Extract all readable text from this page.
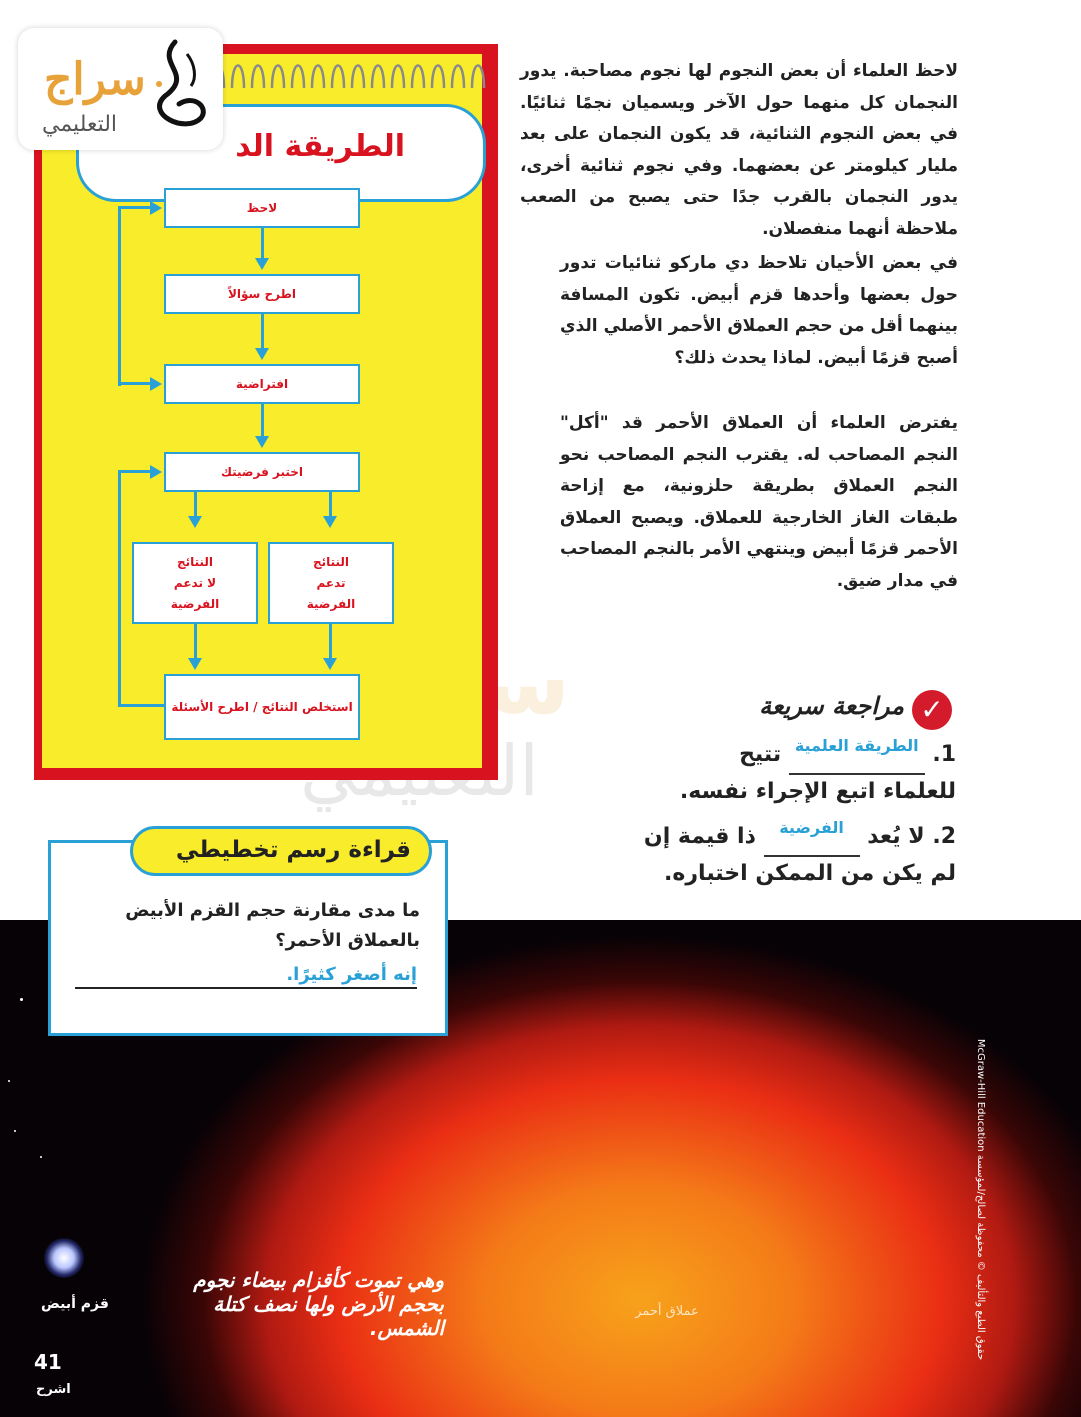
لاحظ العلماء أن بعض النجوم لها نجوم مصاحبة. يدور النجمان كل منهما حول الآخر ويسميان نجمًا ثنائيًا. في بعض النجوم الثنائية، قد يكون النجمان على بعد مليار كيلومتر عن بعضهما. وفي نجوم ثنائية أخرى، يدور النجمان بالقرب جدًا حتى يصبح من الصعب ملاحظة أنهما منفصلان.
في بعض الأحيان تلاحظ دي ماركو ثنائيات تدور حول بعضها وأحدها قزم أبيض. تكون المسافة بينهما أقل من حجم العملاق الأحمر الأصلي الذي أصبح قزمًا أبيض. لماذا يحدث ذلك؟
يفترض العلماء أن العملاق الأحمر قد "أكل" النجم المصاحب له. يقترب النجم المصاحب نحو النجم العملاق بطريقة حلزونية، مع إزاحة طبقات الغاز الخارجية للعملاق. ويصبح العملاق الأحمر قزمًا أبيض وينتهي الأمر بالنجم المصاحب في مدار ضيق.
✓
مراجعة سريعة
1. $^{الطريقة العلمية}$ تتيح
للعلماء اتبع الإجراء نفسه.
2. لا يُعد $^{الفرضية}$ ذا قيمة إن
لم يكن من الممكن اختباره.
الطريقة الد
لاحظ
اطرح سؤالاً
افتراضية
اختبر فرضيتك
النتائج
تدعم
الفرضية
النتائج
لا تدعم
الفرضية
استخلص النتائج / اطرح الأسئلة
سراج
التعليمي
قراءة رسم تخطيطي
ما مدى مقارنة حجم القزم الأبيض بالعملاق الأحمر؟
إنه أصغر كثيرًا.
وهي تموت كأقزام بيضاء نجوم بحجم الأرض ولها نصف كتلة الشمس.
عملاق أحمر
قزم أبيض
41
اشرح
حقوق الطبع والتأليف © محفوظة لصالح/لمؤسسة McGraw-Hill Education
